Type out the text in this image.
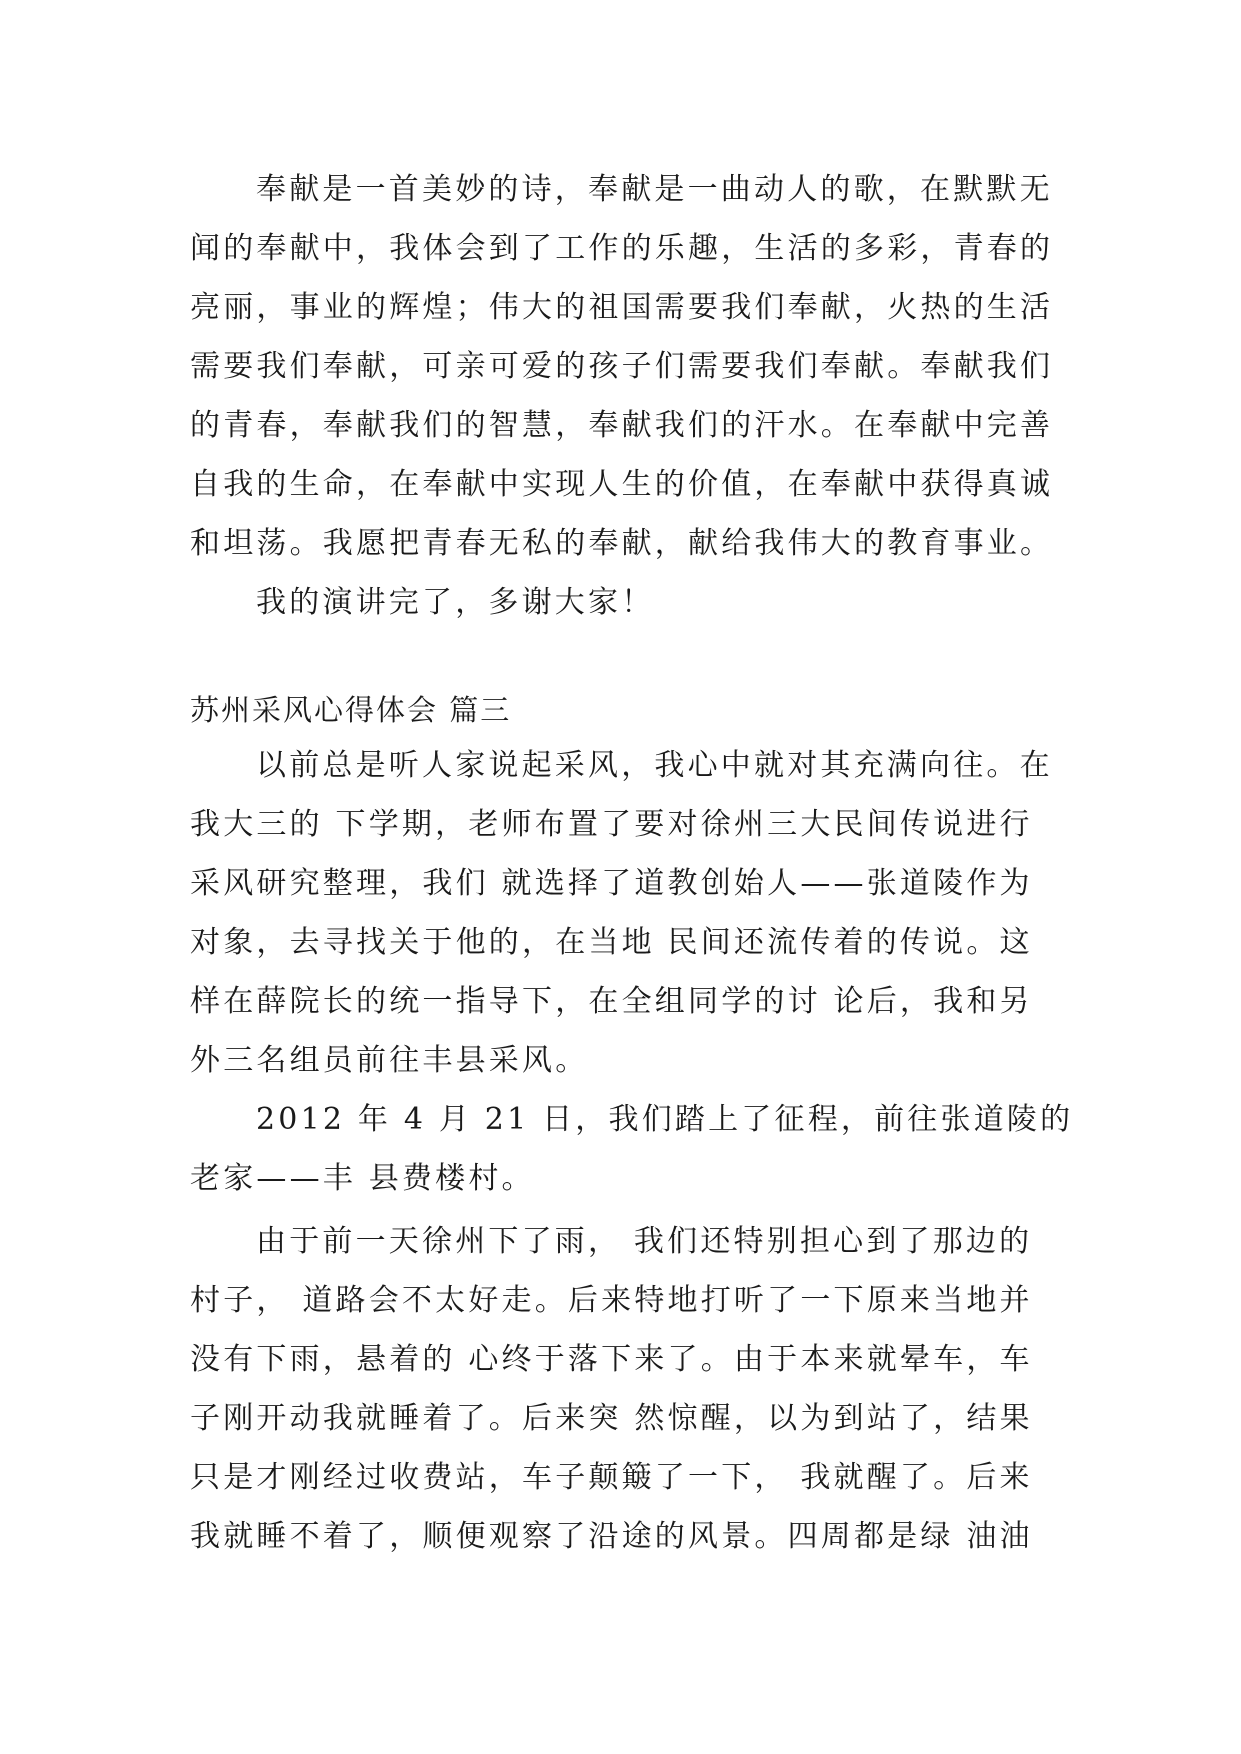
奉献是一首美妙的诗，奉献是一曲动人的歌，在默默无
闻的奉献中，我体会到了工作的乐趣，生活的多彩，青春的
亮丽，事业的辉煌；伟大的祖国需要我们奉献，火热的生活
需要我们奉献，可亲可爱的孩子们需要我们奉献。奉献我们
的青春，奉献我们的智慧，奉献我们的汗水。在奉献中完善
自我的生命，在奉献中实现人生的价值，在奉献中获得真诚
和坦荡。我愿把青春无私的奉献，献给我伟大的教育事业。
我的演讲完了，多谢大家！
苏州采风心得体会 篇三
以前总是听人家说起采风，我心中就对其充满向往。在
我大三的 下学期，老师布置了要对徐州三大民间传说进行
采风研究整理，我们 就选择了道教创始人——张道陵作为
对象，去寻找关于他的，在当地 民间还流传着的传说。这
样在薛院长的统一指导下，在全组同学的讨 论后，我和另
外三名组员前往丰县采风。
2012 年 4 月 21 日，我们踏上了征程，前往张道陵的
老家——丰 县费楼村。
由于前一天徐州下了雨， 我们还特别担心到了那边的
村子， 道路会不太好走。后来特地打听了一下原来当地并
没有下雨，悬着的 心终于落下来了。由于本来就晕车，车
子刚开动我就睡着了。后来突 然惊醒，以为到站了，结果
只是才刚经过收费站，车子颠簸了一下， 我就醒了。后来
我就睡不着了，顺便观察了沿途的风景。四周都是绿 油油
